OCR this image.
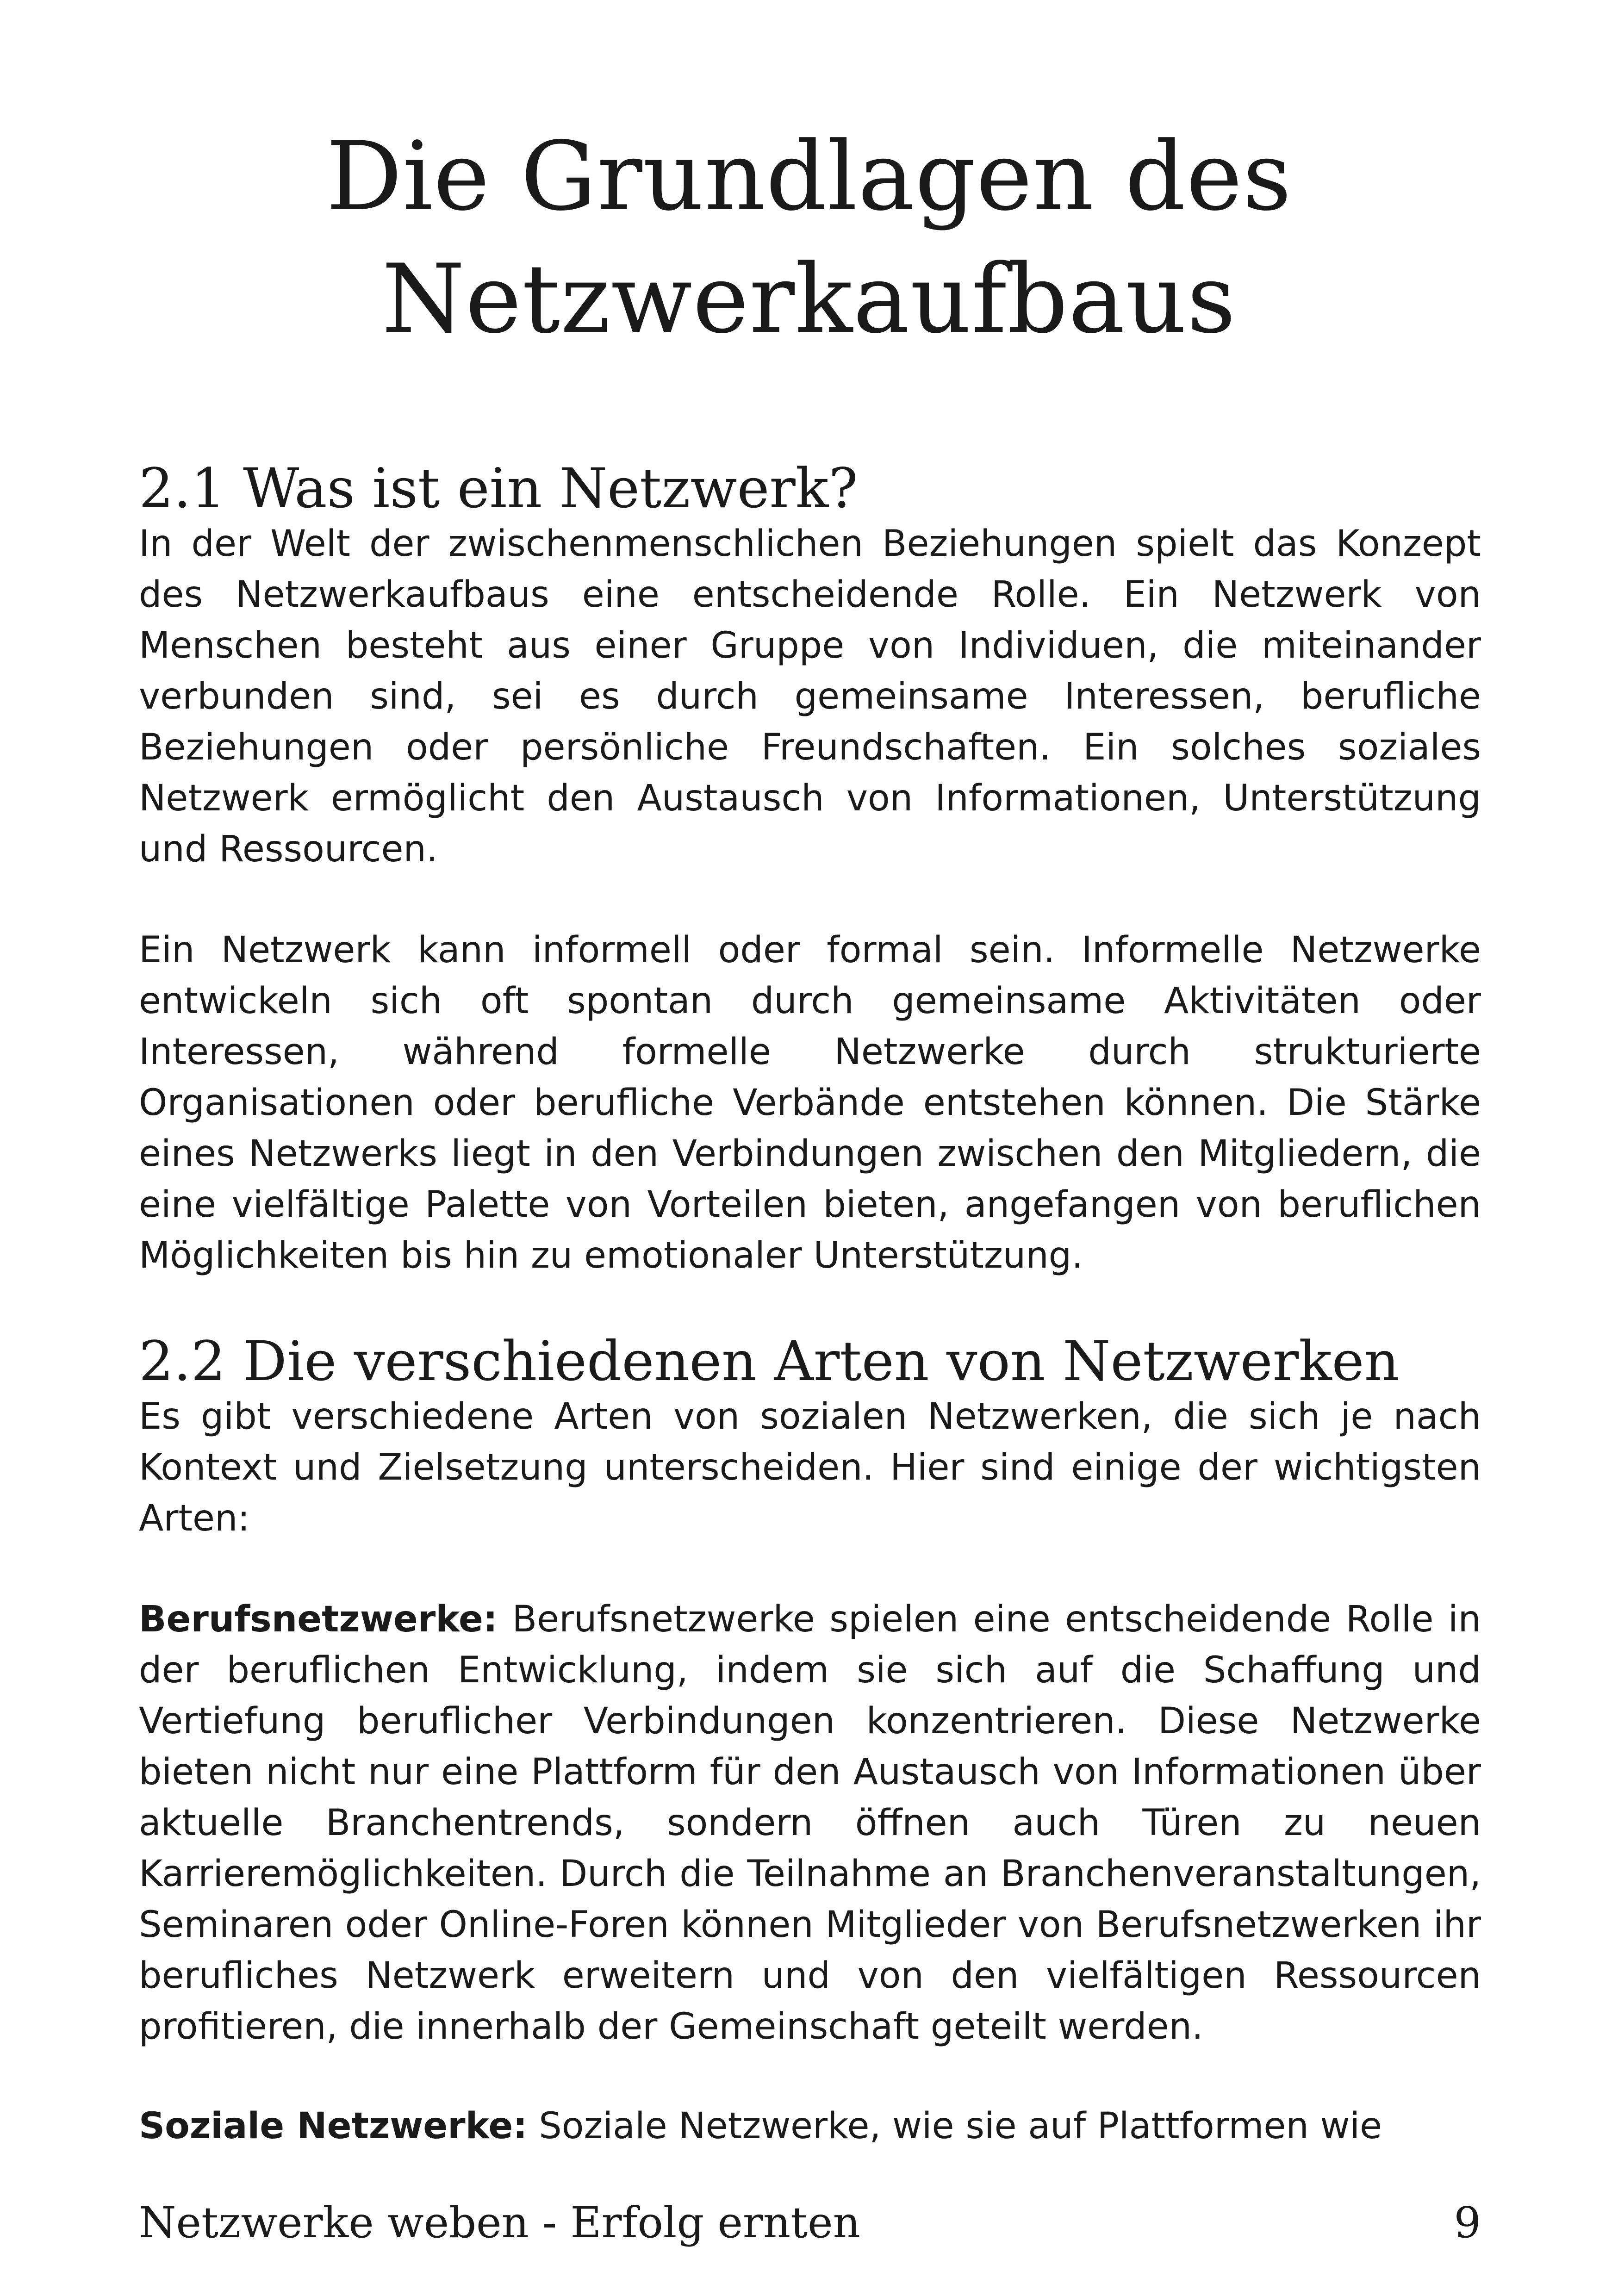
Die Grundlagen des
Netzwerkaufbaus
2.1 Was ist ein Netzwerk?

In der Welt der zwischenmenschlichen Beziehungen spielt das Konzept des Netzwerkaufbaus eine entscheidende Rolle. Ein Netzwerk von Menschen besteht aus einer Gruppe von Individuen, die miteinander verbunden sind, sei es durch gemeinsame Interessen, berufliche Beziehungen oder persönliche Freundschaften. Ein solches soziales Netzwerk ermöglicht den Austausch von Informationen, Unterstützung und Ressourcen.

Ein Netzwerk kann informell oder formal sein. Informelle Netzwerke entwickeln sich oft spontan durch gemeinsame Aktivitäten oder Interessen, während formelle Netzwerke durch strukturierte Organisationen oder berufliche Verbände entstehen können. Die Stärke eines Netzwerks liegt in den Verbindungen zwischen den Mitgliedern, die eine vielfältige Palette von Vorteilen bieten, angefangen von beruflichen Möglichkeiten bis hin zu emotionaler Unterstützung.

2.2 Die verschiedenen Arten von Netzwerken

Es gibt verschiedene Arten von sozialen Netzwerken, die sich je nach Kontext und Zielsetzung unterscheiden. Hier sind einige der wichtigsten Arten:

Berufsnetzwerke: Berufsnetzwerke spielen eine entscheidende Rolle in der beruflichen Entwicklung, indem sie sich auf die Schaffung und Vertiefung beruflicher Verbindungen konzentrieren. Diese Netzwerke bieten nicht nur eine Plattform für den Austausch von Informationen über aktuelle Branchentrends, sondern öffnen auch Türen zu neuen Karrieremöglichkeiten. Durch die Teilnahme an Branchenveranstaltungen, Seminaren oder Online-Foren können Mitglieder von Berufsnetzwerken ihr berufliches Netzwerk erweitern und von den vielfältigen Ressourcen profitieren, die innerhalb der Gemeinschaft geteilt werden.

Soziale Netzwerke: Soziale Netzwerke, wie sie auf Plattformen wie

Netzwerke weben - Erfolg ernten	9
